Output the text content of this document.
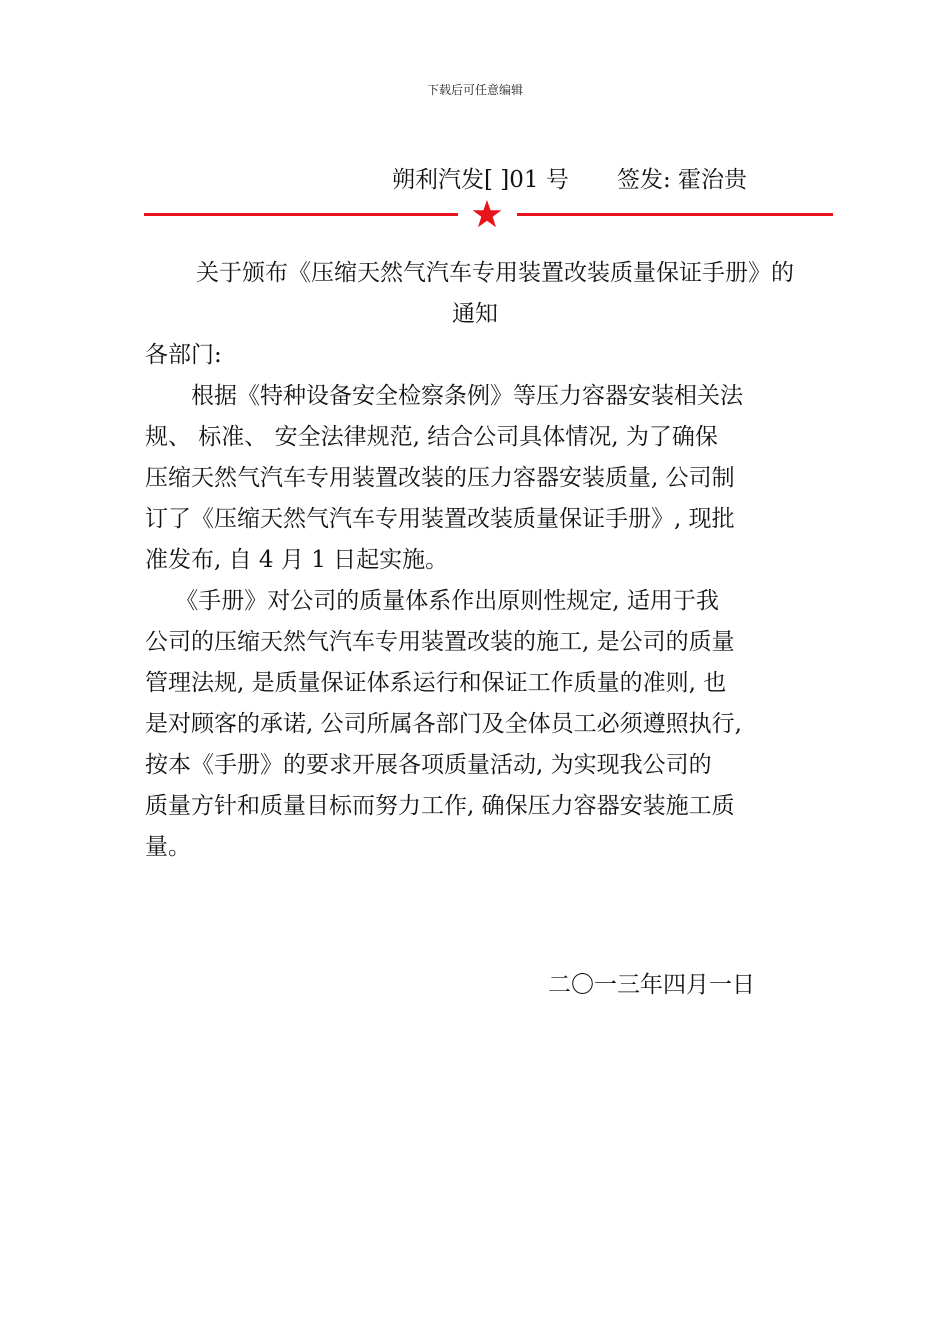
下载后可任意编辑
朔利汽发[ ]01 号 签发: 霍治贵
关于颁布《压缩天然气汽车专用装置改装质量保证手册》的
通知
各部门:
　　根据《特种设备安全检察条例》等压力容器安装相关法
规、 标准、 安全法律规范, 结合公司具体情况, 为了确保
压缩天然气汽车专用装置改装的压力容器安装质量, 公司制
订了《压缩天然气汽车专用装置改装质量保证手册》, 现批
准发布, 自 4 月 1 日起实施。
　 《手册》对公司的质量体系作出原则性规定, 适用于我
公司的压缩天然气汽车专用装置改装的施工, 是公司的质量
管理法规, 是质量保证体系运行和保证工作质量的准则, 也
是对顾客的承诺, 公司所属各部门及全体员工必须遵照执行,
按本《手册》的要求开展各项质量活动, 为实现我公司的
质量方针和质量目标而努力工作, 确保压力容器安装施工质
量。
二〇一三年四月一日
